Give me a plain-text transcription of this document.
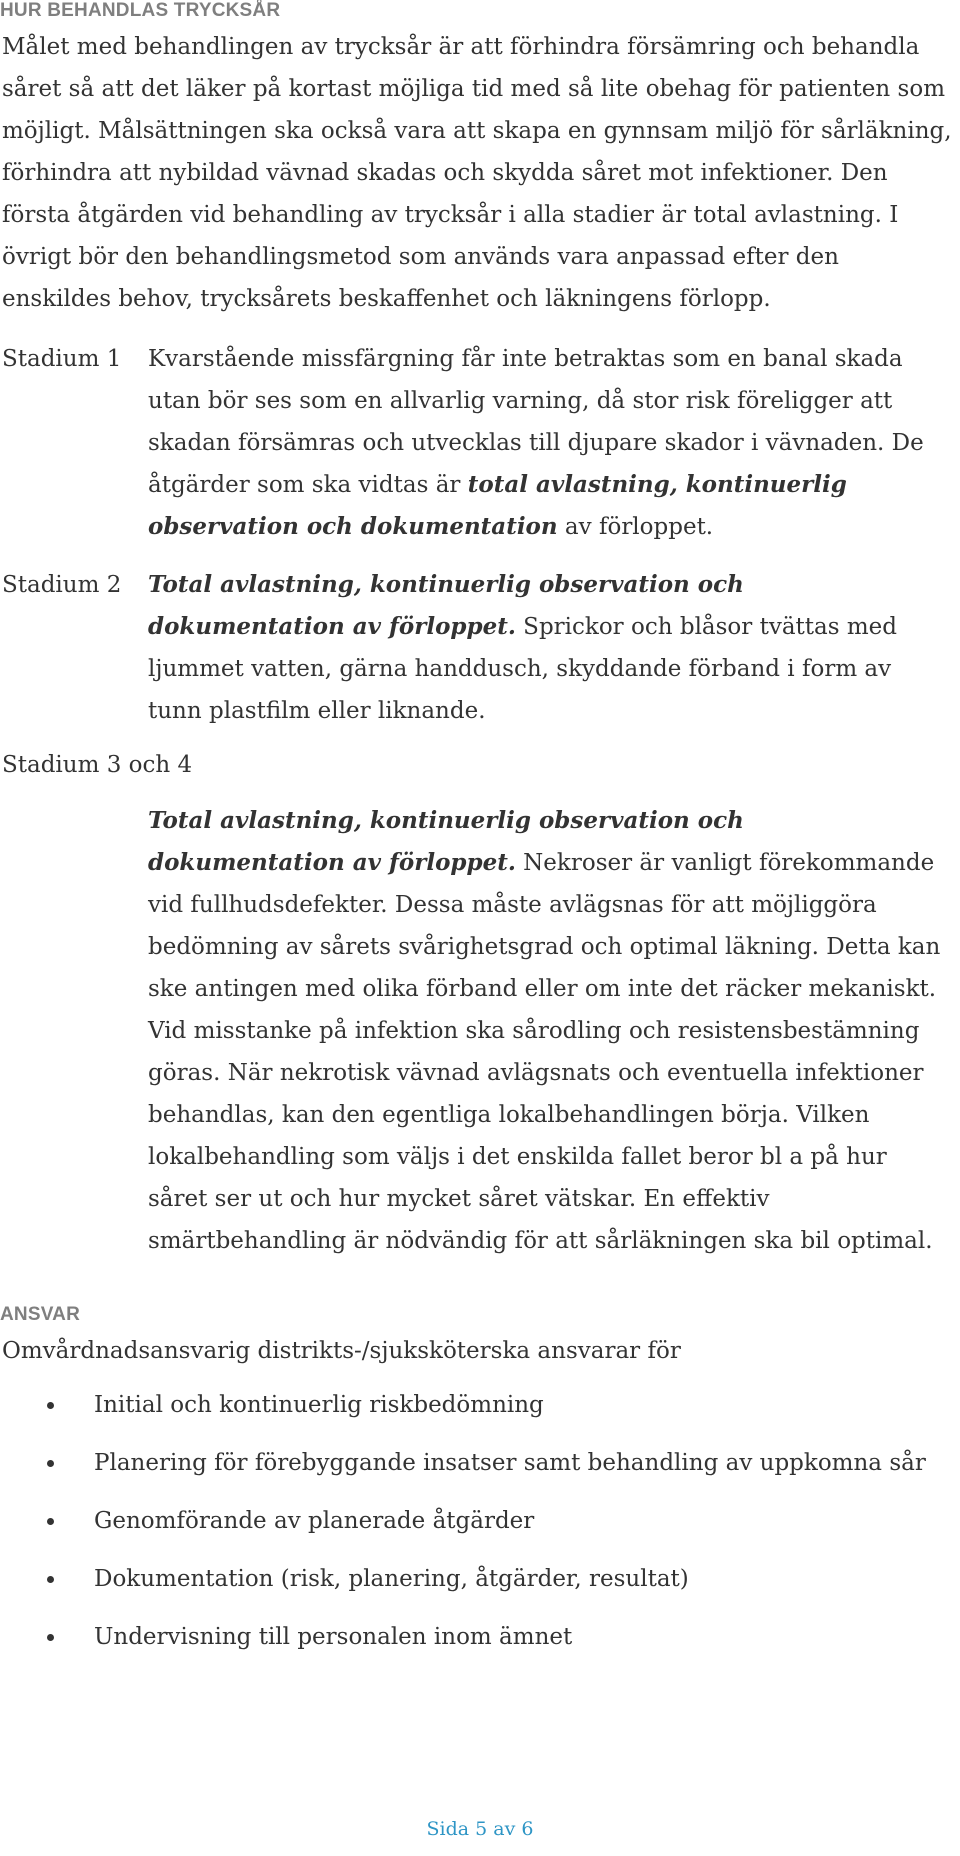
HUR BEHANDLAS TRYCKSÅR

Målet med behandlingen av trycksår är att förhindra försämring och behandla såret så att det läker på kortast möjliga tid med så lite obehag för patienten som möjligt. Målsättningen ska också vara att skapa en gynnsam miljö för sårläkning, förhindra att nybildad vävnad skadas och skydda såret mot infektioner. Den första åtgärden vid behandling av trycksår i alla stadier är total avlastning. I övrigt bör den behandlingsmetod som används vara anpassad efter den enskildes behov, trycksårets beskaffenhet och läkningens förlopp.

Stadium 1 Kvarstående missfärgning får inte betraktas som en banal skada utan bör ses som en allvarlig varning, då stor risk föreligger att skadan försämras och utvecklas till djupare skador i vävnaden. De åtgärder som ska vidtas är total avlastning, kontinuerlig observation och dokumentation av förloppet.

Stadium 2 Total avlastning, kontinuerlig observation och dokumentation av förloppet. Sprickor och blåsor tvättas med ljummet vatten, gärna handdusch, skyddande förband i form av tunn plastfilm eller liknande.

Stadium 3 och 4

Total avlastning, kontinuerlig observation och dokumentation av förloppet. Nekroser är vanligt förekommande vid fullhudsdefekter. Dessa måste avlägsnas för att möjliggöra bedömning av sårets svårighetsgrad och optimal läkning. Detta kan ske antingen med olika förband eller om inte det räcker mekaniskt. Vid misstanke på infektion ska sårodling och resistensbestämning göras. När nekrotisk vävnad avlägsnats och eventuella infektioner behandlas, kan den egentliga lokalbehandlingen börja. Vilken lokalbehandling som väljs i det enskilda fallet beror bl a på hur såret ser ut och hur mycket såret vätskar. En effektiv smärtbehandling är nödvändig för att sårläkningen ska bil optimal.

ANSVAR

Omvårdnadsansvarig distrikts-/sjuksköterska ansvarar för

Initial och kontinuerlig riskbedömning
Planering för förebyggande insatser samt behandling av uppkomna sår
Genomförande av planerade åtgärder
Dokumentation (risk, planering, åtgärder, resultat)
Undervisning till personalen inom ämnet

Sida 5 av 6
